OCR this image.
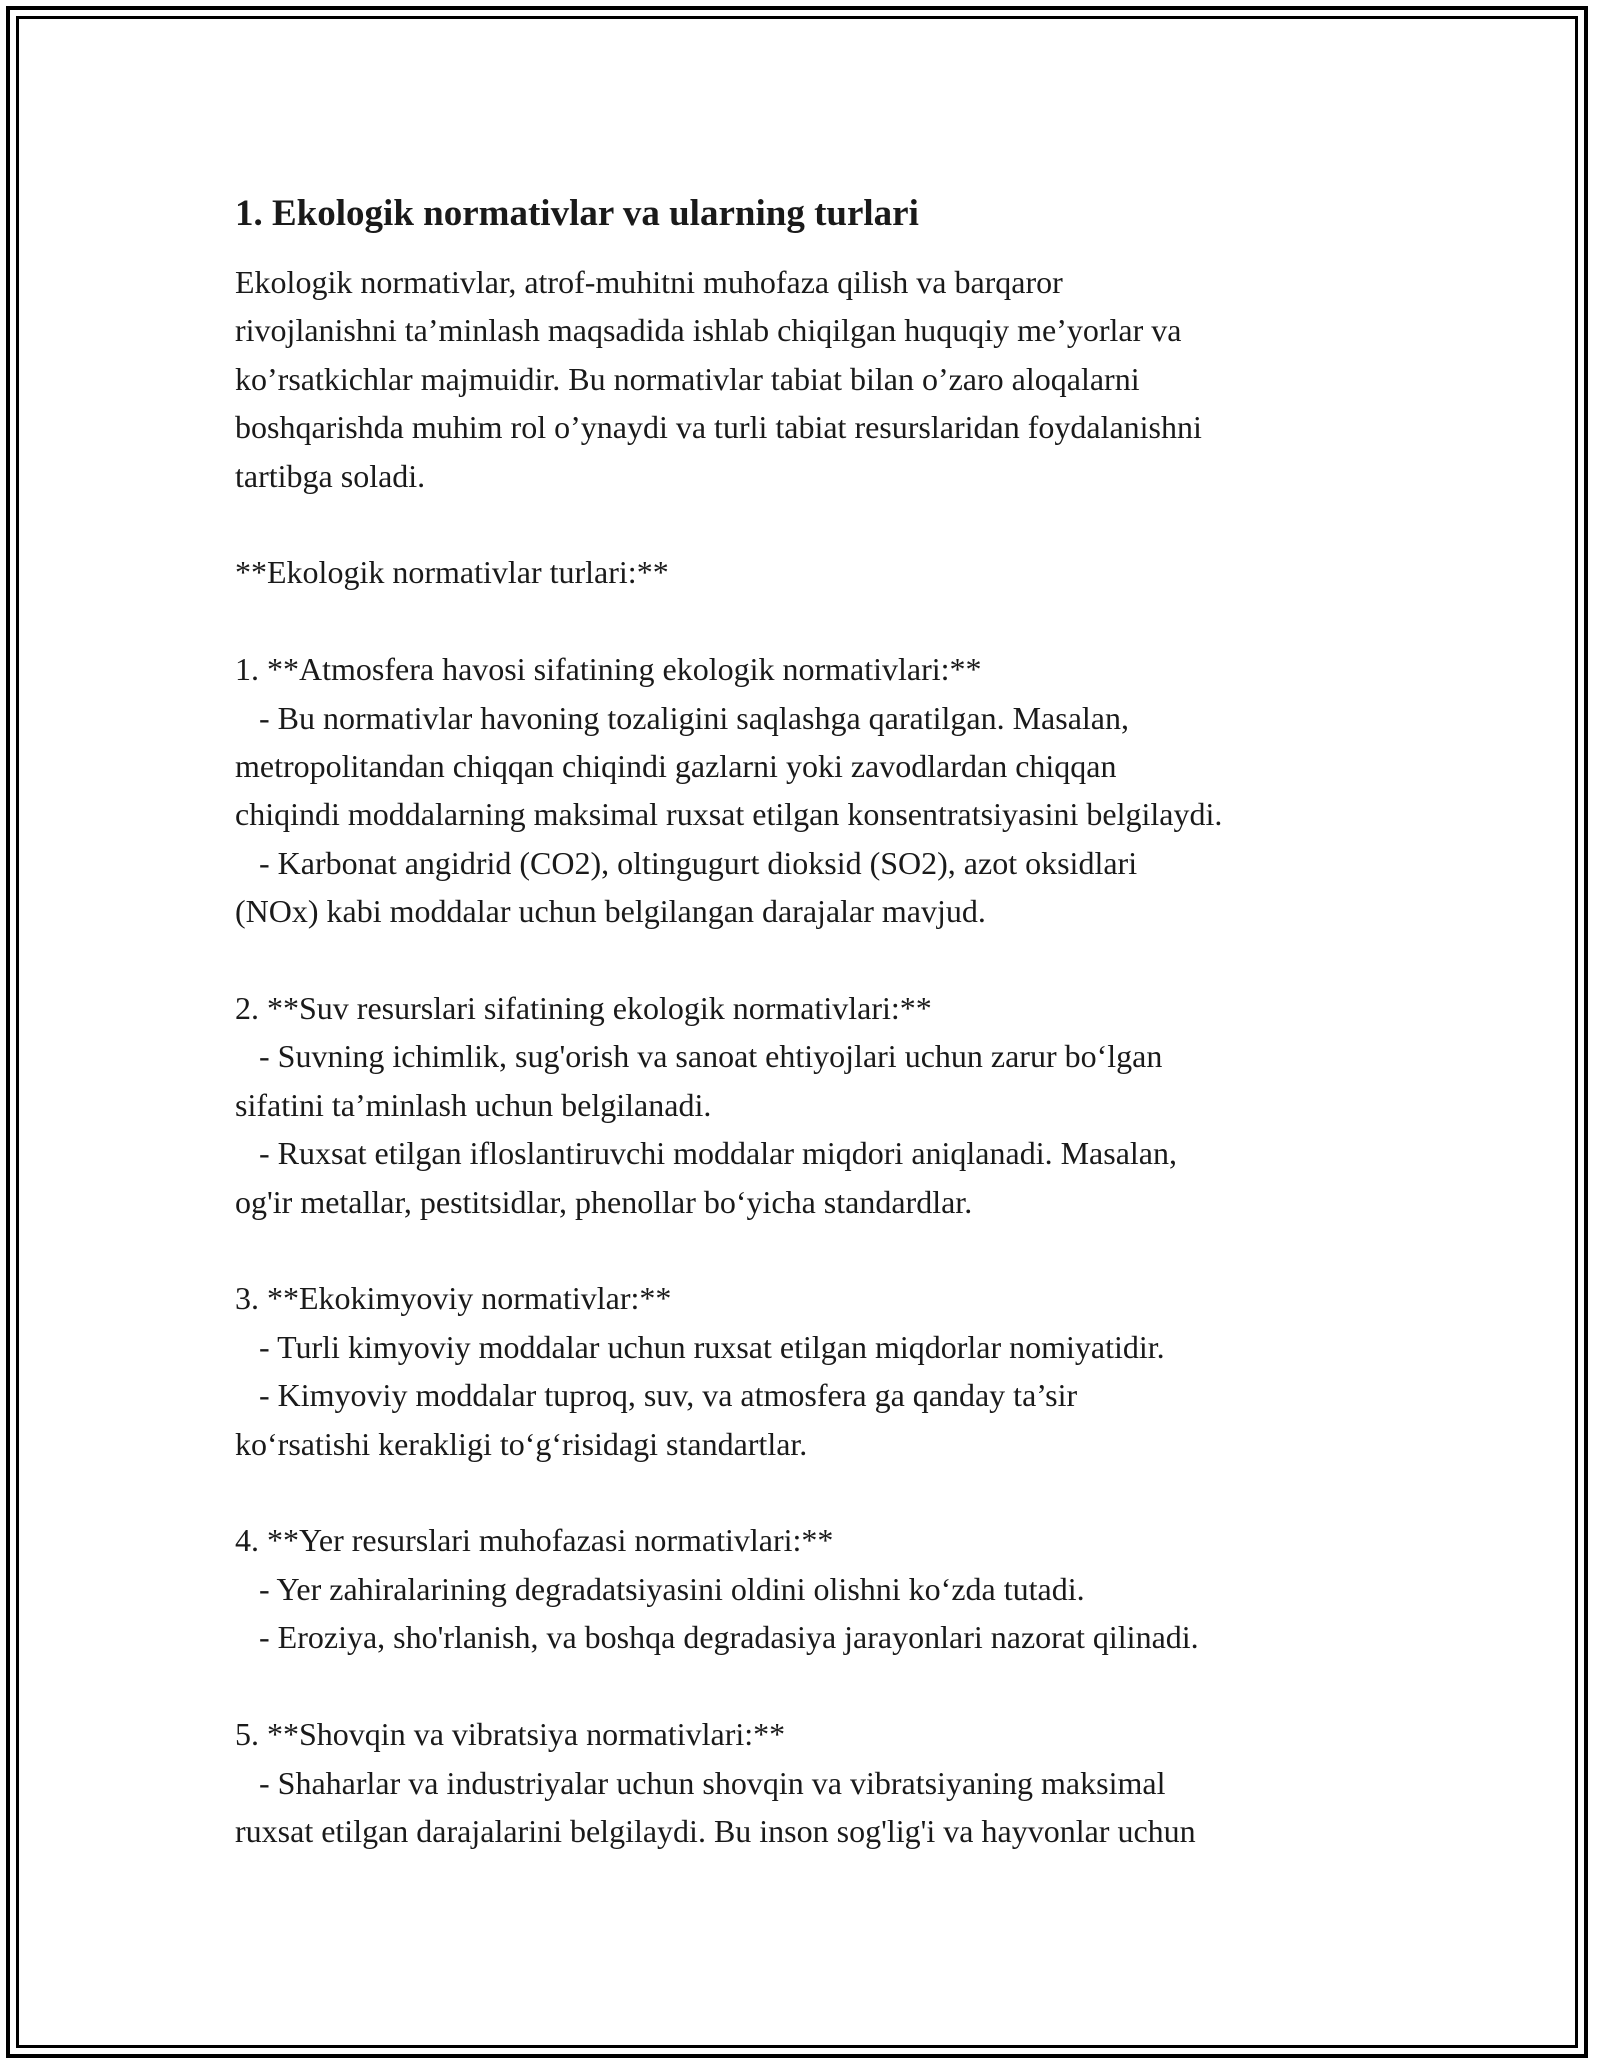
1. Ekologik normativlar va ularning turlari
Ekologik normativlar, atrof-muhitni muhofaza qilish va barqaror
rivojlanishni ta’minlash maqsadida ishlab chiqilgan huquqiy me’yorlar va
ko’rsatkichlar majmuidir. Bu normativlar tabiat bilan o’zaro aloqalarni
boshqarishda muhim rol o’ynaydi va turli tabiat resurslaridan foydalanishni
tartibga soladi.
**Ekologik normativlar turlari:**
1. **Atmosfera havosi sifatining ekologik normativlari:**
- Bu normativlar havoning tozaligini saqlashga qaratilgan. Masalan,
metropolitandan chiqqan chiqindi gazlarni yoki zavodlardan chiqqan
chiqindi moddalarning maksimal ruxsat etilgan konsentratsiyasini belgilaydi.
- Karbonat angidrid (CO2), oltingugurt dioksid (SO2), azot oksidlari
(NOx) kabi moddalar uchun belgilangan darajalar mavjud.
2. **Suv resurslari sifatining ekologik normativlari:**
- Suvning ichimlik, sug'orish va sanoat ehtiyojlari uchun zarur bo‘lgan
sifatini ta’minlash uchun belgilanadi.
- Ruxsat etilgan ifloslantiruvchi moddalar miqdori aniqlanadi. Masalan,
og'ir metallar, pestitsidlar, phenollar bo‘yicha standardlar.
3. **Ekokimyoviy normativlar:**
- Turli kimyoviy moddalar uchun ruxsat etilgan miqdorlar nomiyatidir.
- Kimyoviy moddalar tuproq, suv, va atmosfera ga qanday ta’sir
ko‘rsatishi kerakligi to‘g‘risidagi standartlar.
4. **Yer resurslari muhofazasi normativlari:**
- Yer zahiralarining degradatsiyasini oldini olishni ko‘zda tutadi.
- Eroziya, sho'rlanish, va boshqa degradasiya jarayonlari nazorat qilinadi.
5. **Shovqin va vibratsiya normativlari:**
- Shaharlar va industriyalar uchun shovqin va vibratsiyaning maksimal
ruxsat etilgan darajalarini belgilaydi. Bu inson sog'lig'i va hayvonlar uchun
